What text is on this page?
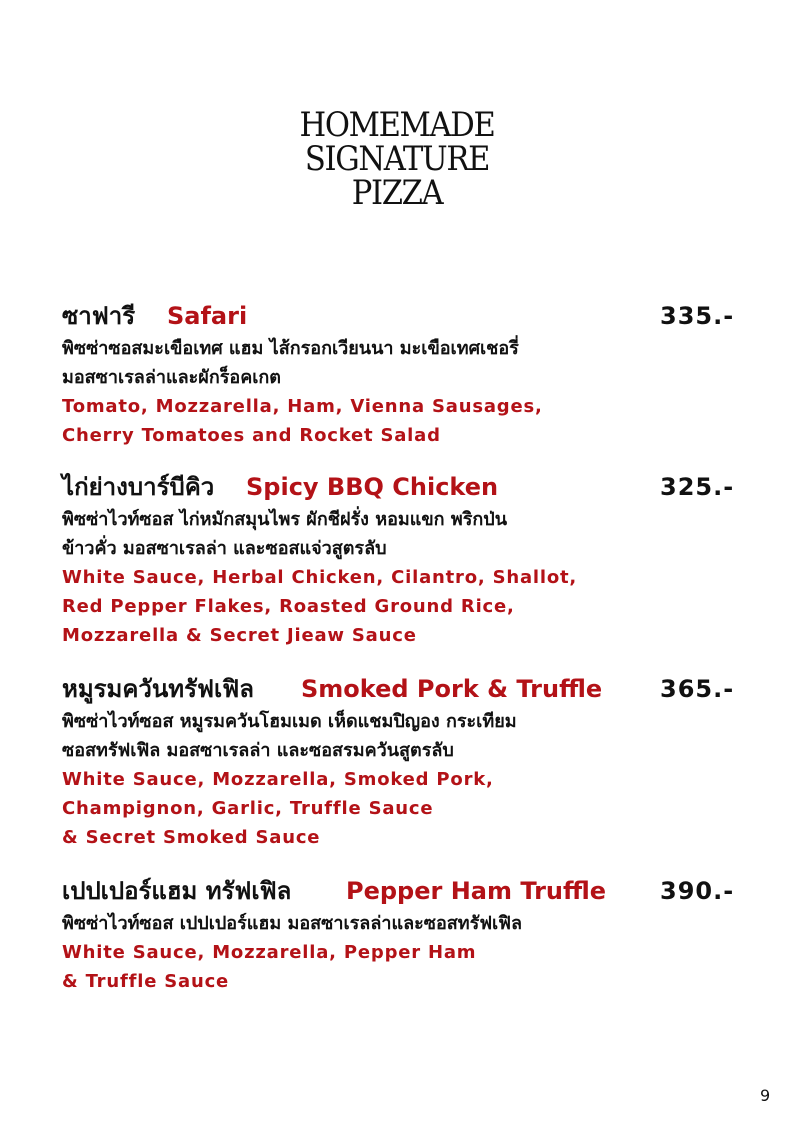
HOMEMADE
SIGNATURE
PIZZA
ซาฟารี Safari	335.-
พิซซ่าซอสมะเขือเทศ แฮม ไส้กรอกเวียนนา มะเขือเทศเชอรี่
มอสซาเรลล่าและผักร็อคเกต
Tomato, Mozzarella, Ham, Vienna Sausages,
Cherry Tomatoes and Rocket Salad
ไก่ย่างบาร์บีคิว Spicy BBQ Chicken	325.-
พิซซ่าไวท์ซอส ไก่หมักสมุนไพร ผักชีฝรั่ง หอมแขก พริกป่น
ข้าวคั่ว มอสซาเรลล่า และซอสแจ่วสูตรลับ
White Sauce, Herbal Chicken, Cilantro, Shallot,
Red Pepper Flakes, Roasted Ground Rice,
Mozzarella & Secret Jieaw Sauce
หมูรมควันทรัฟเฟิล Smoked Pork & Truffle 365.-
พิซซ่าไวท์ซอส หมูรมควันโฮมเมด เห็ดแชมปิญอง กระเทียม
ซอสทรัฟเฟิล มอสซาเรลล่า และซอสรมควันสูตรลับ
White Sauce, Mozzarella, Smoked Pork,
Champignon, Garlic, Truffle Sauce
& Secret Smoked Sauce
เปปเปอร์แฮม ทรัฟเฟิล Pepper Ham Truffle 390.-
พิซซ่าไวท์ซอส เปปเปอร์แฮม มอสซาเรลล่าและซอสทรัฟเฟิล
White Sauce, Mozzarella, Pepper Ham
& Truffle Sauce
9
